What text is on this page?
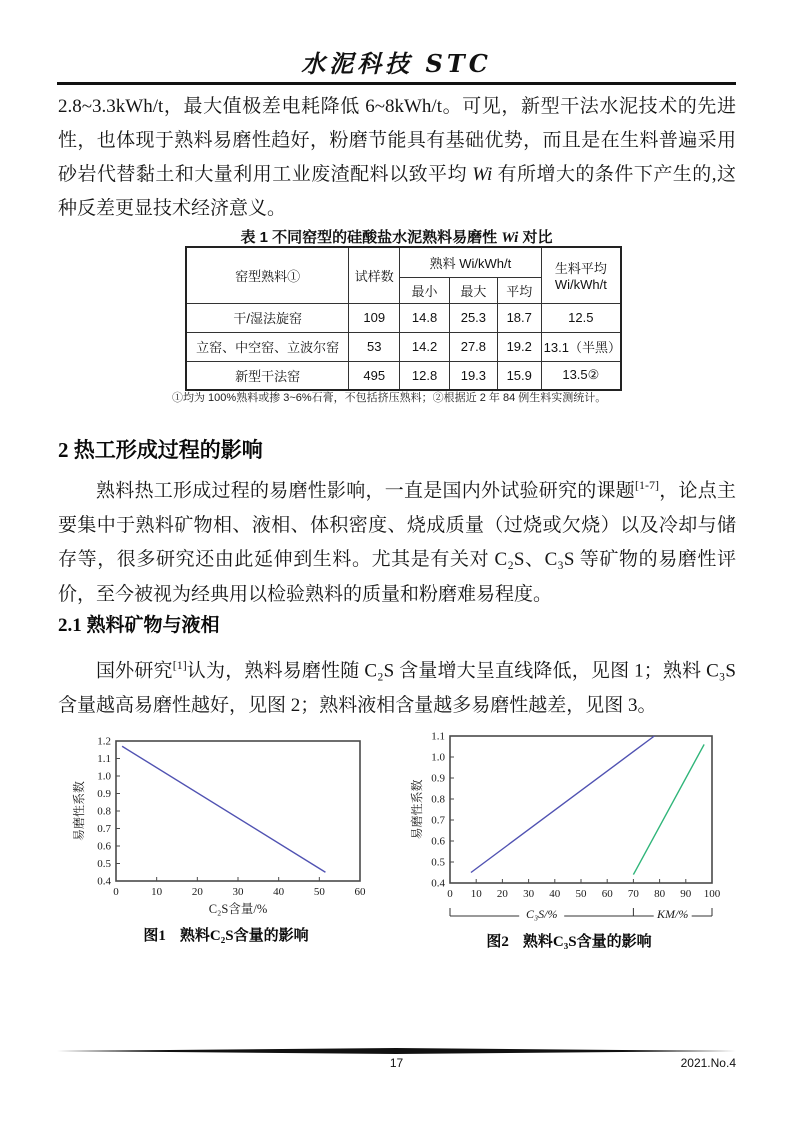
水泥科技 STC
2.8~3.3kWh/t，最大值极差电耗降低 6~8kWh/t。可见，新型干法水泥技术的先进性，也体现于熟料易磨性趋好，粉磨节能具有基础优势，而且是在生料普遍采用砂岩代替黏土和大量利用工业废渣配料以致平均 Wi 有所增大的条件下产生的,这种反差更显技术经济意义。
表 1 不同窑型的硅酸盐水泥熟料易磨性 Wi 对比
窑型熟料①	试样数	熟料 Wi/kWh/t			生料平均
Wi/kWh/t

		最小	最大	平均	
干/湿法旋窑	109	14.8	25.3	18.7	12.5
立窑、中空窑、立波尔窑	53	14.2	27.8	19.2	13.1（半黑）
新型干法窑	495	12.8	19.3	15.9	13.5②
①均为 100%熟料或掺 3~6%石膏，不包括挤压熟料；②根据近 2 年 84 例生料实测统计。
2 热工形成过程的影响
熟料热工形成过程的易磨性影响，一直是国内外试验研究的课题[1-7]，论点主要集中于熟料矿物相、液相、体积密度、烧成质量（过烧或欠烧）以及冷却与储存等，很多研究还由此延伸到生料。尤其是有关对 C₂S、C₃S 等矿物的易磨性评价，至今被视为经典用以检验熟料的质量和粉磨难易程度。
2.1 熟料矿物与液相
国外研究[1]认为，熟料易磨性随 C₂S 含量增大呈直线降低，见图 1；熟料 C₃S 含量越高易磨性越好，见图 2；熟料液相含量越多易磨性越差，见图 3。
0.4
0.5
0.6
0.7
0.8
0.9
1.0
1.1
1.2
0	10	20	30	40	50	60
易磨性系数
C₂S含量/%
图1 熟料C₂S含量的影响
0.4
0.5
0.6
0.7
0.8
0.9
1.0
1.1
0 10 20 30 40 50 60 70 80 90 100
易磨性系数
C₃S/%	KM/%
图2 熟料C₃S含量的影响
17	2021.No.4
